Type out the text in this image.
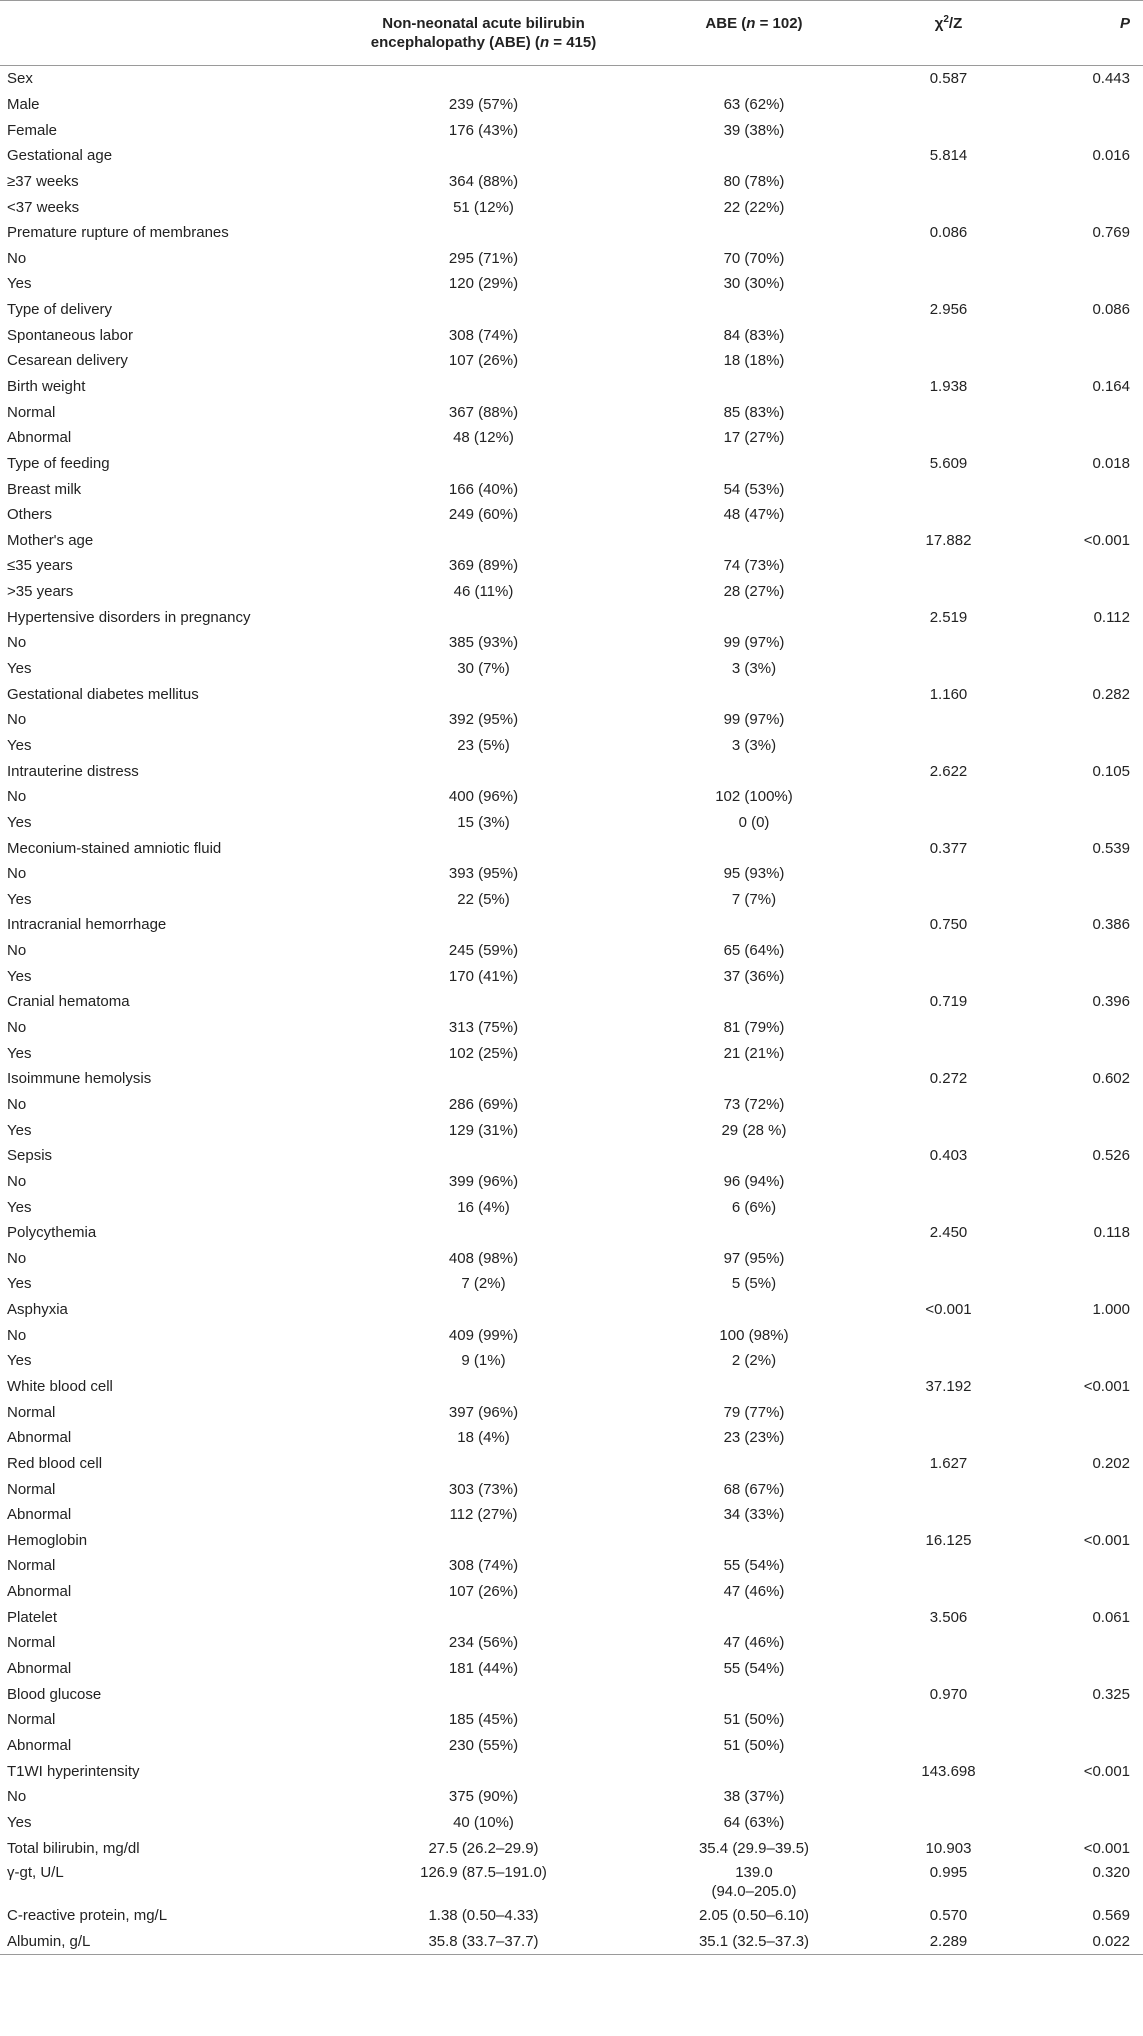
	Non-neonatal acute bilirubin
encephalopathy (ABE) (n = 415)	ABE (n = 102)	$\chi^2/Z$	P
Sex			0.587	0.443
Male	239 (57%)	63 (62%)		
Female	176 (43%)	39 (38%)		
Gestational age			5.814	0.016
≥37 weeks	364 (88%)	80 (78%)		
<37 weeks	51 (12%)	22 (22%)		
Premature rupture of membranes			0.086	0.769
No	295 (71%)	70 (70%)		
Yes	120 (29%)	30 (30%)		
Type of delivery			2.956	0.086
Spontaneous labor	308 (74%)	84 (83%)		
Cesarean delivery	107 (26%)	18 (18%)		
Birth weight			1.938	0.164
Normal	367 (88%)	85 (83%)		
Abnormal	48 (12%)	17 (27%)		
Type of feeding			5.609	0.018
Breast milk	166 (40%)	54 (53%)		
Others	249 (60%)	48 (47%)		
Mother's age			17.882	<0.001
≤35 years	369 (89%)	74 (73%)		
>35 years	46 (11%)	28 (27%)		
Hypertensive disorders in pregnancy			2.519	0.112
No	385 (93%)	99 (97%)		
Yes	30 (7%)	3 (3%)		
Gestational diabetes mellitus			1.160	0.282
No	392 (95%)	99 (97%)		
Yes	23 (5%)	3 (3%)		
Intrauterine distress			2.622	0.105
No	400 (96%)	102 (100%)		
Yes	15 (3%)	0 (0)		
Meconium-stained amniotic fluid			0.377	0.539
No	393 (95%)	95 (93%)		
Yes	22 (5%)	7 (7%)		
Intracranial hemorrhage			0.750	0.386
No	245 (59%)	65 (64%)		
Yes	170 (41%)	37 (36%)		
Cranial hematoma			0.719	0.396
No	313 (75%)	81 (79%)		
Yes	102 (25%)	21 (21%)		
Isoimmune hemolysis			0.272	0.602
No	286 (69%)	73 (72%)		
Yes	129 (31%)	29 (28 %)		
Sepsis			0.403	0.526
No	399 (96%)	96 (94%)		
Yes	16 (4%)	6 (6%)		
Polycythemia			2.450	0.118
No	408 (98%)	97 (95%)		
Yes	7 (2%)	5 (5%)		
Asphyxia			<0.001	1.000
No	409 (99%)	100 (98%)		
Yes	9 (1%)	2 (2%)		
White blood cell			37.192	<0.001
Normal	397 (96%)	79 (77%)		
Abnormal	18 (4%)	23 (23%)		
Red blood cell			1.627	0.202
Normal	303 (73%)	68 (67%)		
Abnormal	112 (27%)	34 (33%)		
Hemoglobin			16.125	<0.001
Normal	308 (74%)	55 (54%)		
Abnormal	107 (26%)	47 (46%)		
Platelet			3.506	0.061
Normal	234 (56%)	47 (46%)		
Abnormal	181 (44%)	55 (54%)		
Blood glucose			0.970	0.325
Normal	185 (45%)	51 (50%)		
Abnormal	230 (55%)	51 (50%)		
T1WI hyperintensity			143.698	<0.001
No	375 (90%)	38 (37%)		
Yes	40 (10%)	64 (63%)		
Total bilirubin, mg/dl	27.5 (26.2–29.9)	35.4 (29.9–39.5)	10.903	<0.001
γ-gt, U/L	126.9 (87.5–191.0)	139.0
(94.0–205.0)	0.995	0.320
C-reactive protein, mg/L	1.38 (0.50–4.33)	2.05 (0.50–6.10)	0.570	0.569
Albumin, g/L	35.8 (33.7–37.7)	35.1 (32.5–37.3)	2.289	0.022
